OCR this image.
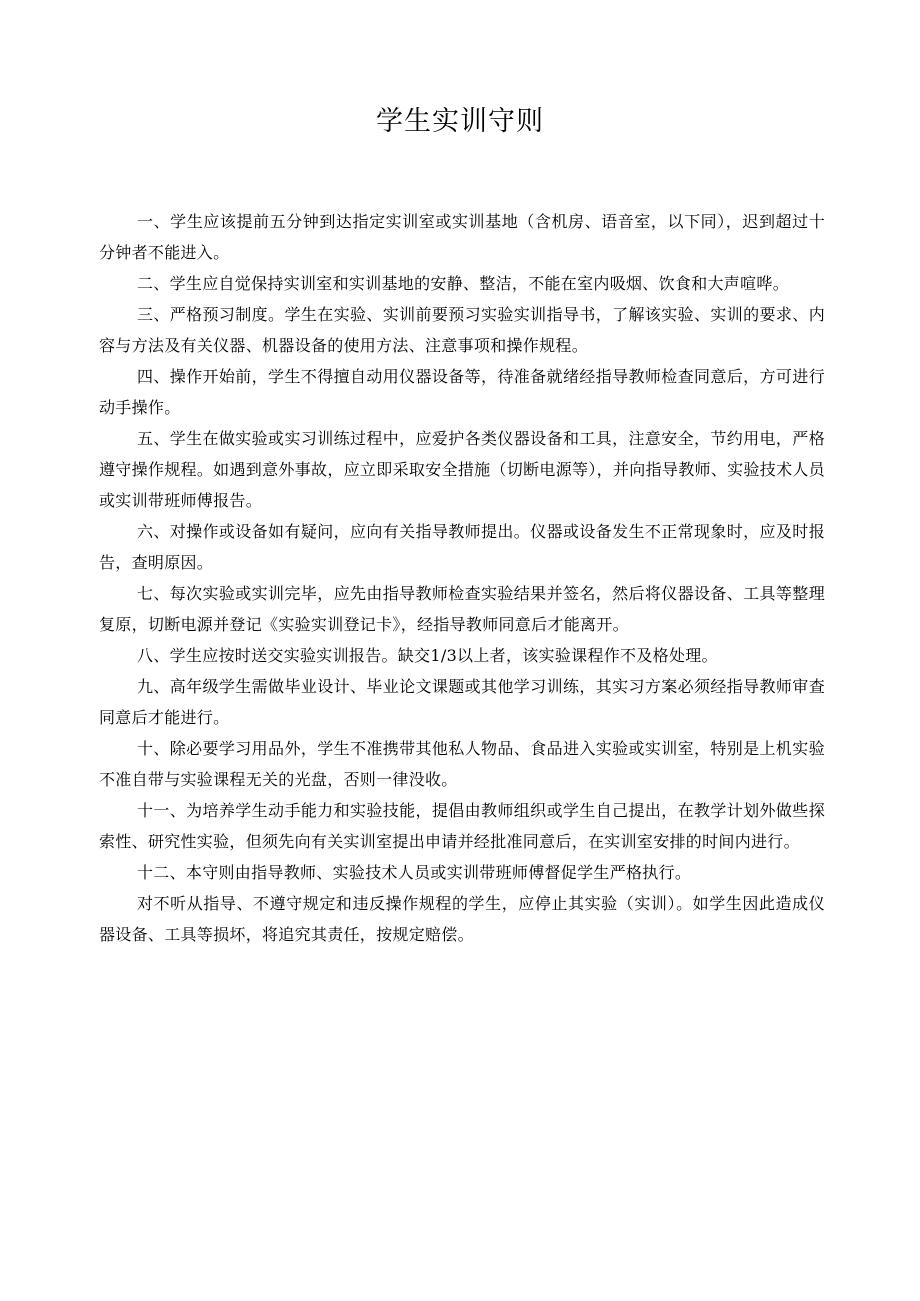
学生实训守则

一、学生应该提前五分钟到达指定实训室或实训基地（含机房、语音室，以下同），迟到超过十分钟者不能进入。

二、学生应自觉保持实训室和实训基地的安静、整洁，不能在室内吸烟、饮食和大声喧哗。

三、严格预习制度。学生在实验、实训前要预习实验实训指导书，了解该实验、实训的要求、内容与方法及有关仪器、机器设备的使用方法、注意事项和操作规程。

四、操作开始前，学生不得擅自动用仪器设备等，待准备就绪经指导教师检查同意后，方可进行动手操作。

五、学生在做实验或实习训练过程中，应爱护各类仪器设备和工具，注意安全，节约用电，严格遵守操作规程。如遇到意外事故，应立即采取安全措施（切断电源等），并向指导教师、实验技术人员或实训带班师傅报告。

六、对操作或设备如有疑问，应向有关指导教师提出。仪器或设备发生不正常现象时，应及时报告，查明原因。

七、每次实验或实训完毕，应先由指导教师检查实验结果并签名，然后将仪器设备、工具等整理复原，切断电源并登记《实验实训登记卡》，经指导教师同意后才能离开。

八、学生应按时送交实验实训报告。缺交1/3以上者，该实验课程作不及格处理。

九、高年级学生需做毕业设计、毕业论文课题或其他学习训练，其实习方案必须经指导教师审查同意后才能进行。

十、除必要学习用品外，学生不准携带其他私人物品、食品进入实验或实训室，特别是上机实验不准自带与实验课程无关的光盘，否则一律没收。

十一、为培养学生动手能力和实验技能，提倡由教师组织或学生自己提出，在教学计划外做些探索性、研究性实验，但须先向有关实训室提出申请并经批准同意后，在实训室安排的时间内进行。

十二、本守则由指导教师、实验技术人员或实训带班师傅督促学生严格执行。

对不听从指导、不遵守规定和违反操作规程的学生，应停止其实验（实训）。如学生因此造成仪器设备、工具等损坏，将追究其责任，按规定赔偿。
